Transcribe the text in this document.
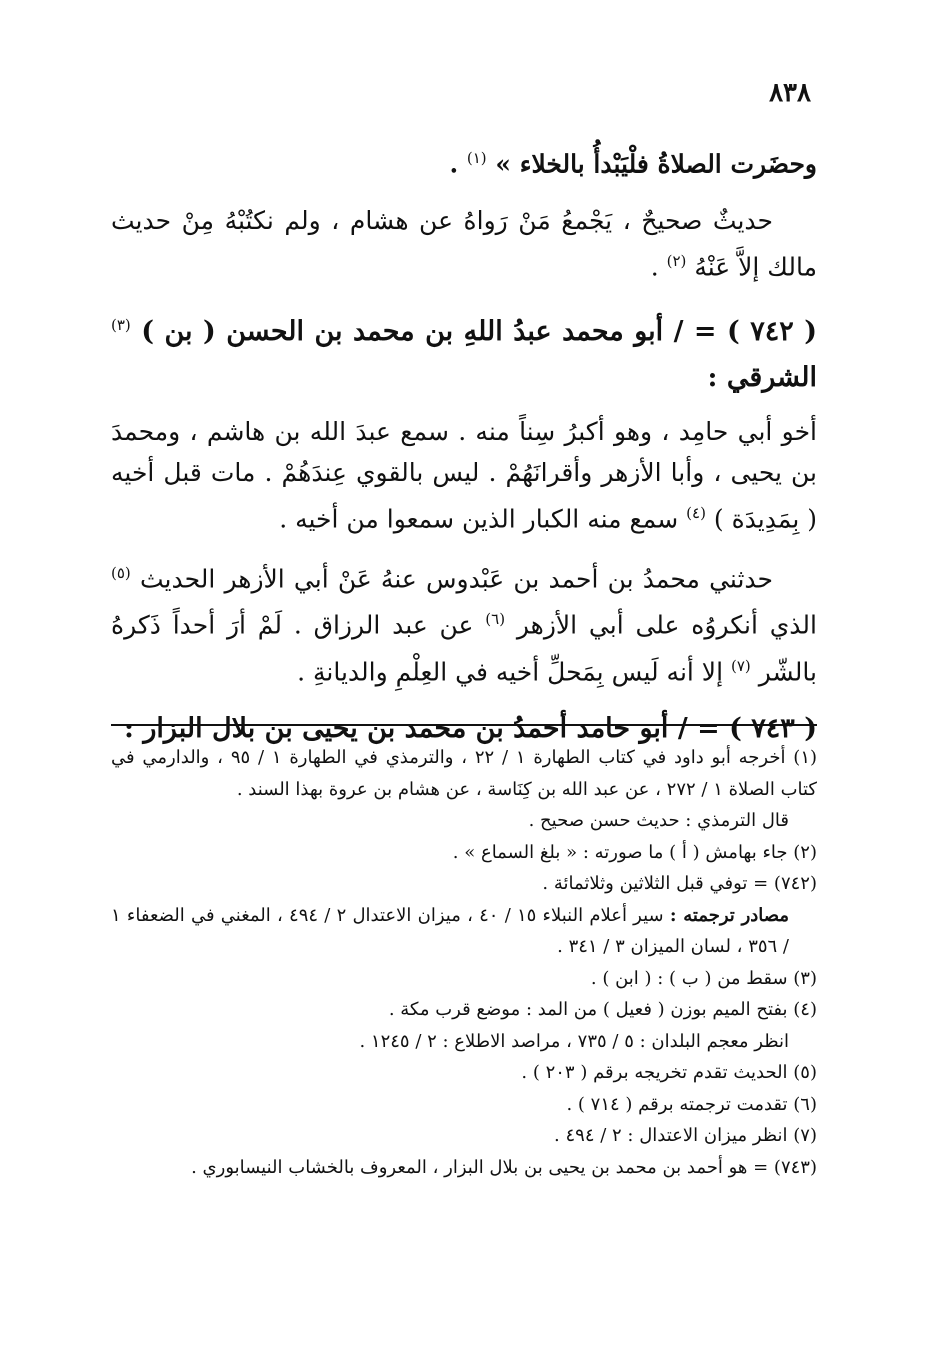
٨٣٨

وحضَرت الصلاةُ فلْيَبْدأُ بالخلاء » $^{(١)}$ .

حديثٌ صحيحٌ ، يَجْمعُ مَنْ رَواهُ عن هشام ، ولم نكتُبْهُ مِنْ حديث مالك إلاَّ عَنْهُ $^{(٢)}$ .

( ٧٤٢ ) = / أبو محمد عبدُ اللهِ بن محمد بن الحسن ( بن ) $^{(٣)}$ الشرقي :

أخو أبي حامِد ، وهو أكبرُ سِناً منه . سمع عبدَ الله بن هاشم ، ومحمدَ بن يحيى ، وأبا الأزهر وأقرانَهُمْ . ليس بالقوي عِندَهُمْ . مات قبل أخيه ( بِمَدِيدَة ) $^{(٤)}$ سمع منه الكبار الذين سمعوا من أخيه .

حدثني محمدُ بن أحمد بن عَبْدوس عنهُ عَنْ أبي الأزهر الحديث $^{(٥)}$ الذي أنكروُه على أبي الأزهر $^{(٦)}$ عن عبد الرزاق . لَمْ أرَ أحداً ذَكرهُ بالشّر $^{(٧)}$ إلا أنه لَيس بِمَحلِّ أخيه في العِلْمِ والديانةِ .

( ٧٤٣ ) = / أبو حامد أحمدُ بن محمد بن يحيى بن بلال البزار :

(١) أخرجه أبو داود في كتاب الطهارة ١ / ٢٢ ، والترمذي في الطهارة ١ / ٩٥ ، والدارمي في كتاب الصلاة ١ / ٢٧٢ ، عن عبد الله بن كِنَاسة ، عن هشام بن عروة بهذا السند .

قال الترمذي : حديث حسن صحيح .

(٢) جاء بهامش ( أ ) ما صورته : « بلغ السماع » .

(٧٤٢) = توفي قبل الثلاثين وثلاثمائة .

مصادر ترجمته : سير أعلام النبلاء ١٥ / ٤٠ ، ميزان الاعتدال ٢ / ٤٩٤ ، المغني في الضعفاء ١ / ٣٥٦ ، لسان الميزان ٣ / ٣٤١ .

(٣) سقط من ( ب ) : ( ابن ) .

(٤) بفتح الميم بوزن ( فعيل ) من المد : موضع قرب مكة .

انظر معجم البلدان : ٥ / ٧٣٥ ، مراصد الاطلاع : ٢ / ١٢٤٥ .

(٥) الحديث تقدم تخريجه برقم ( ٢٠٣ ) .

(٦) تقدمت ترجمته برقم ( ٧١٤ ) .

(٧) انظر ميزان الاعتدال : ٢ / ٤٩٤ .

(٧٤٣) = هو أحمد بن محمد بن يحيى بن بلال البزار ، المعروف بالخشاب النيسابوري .
